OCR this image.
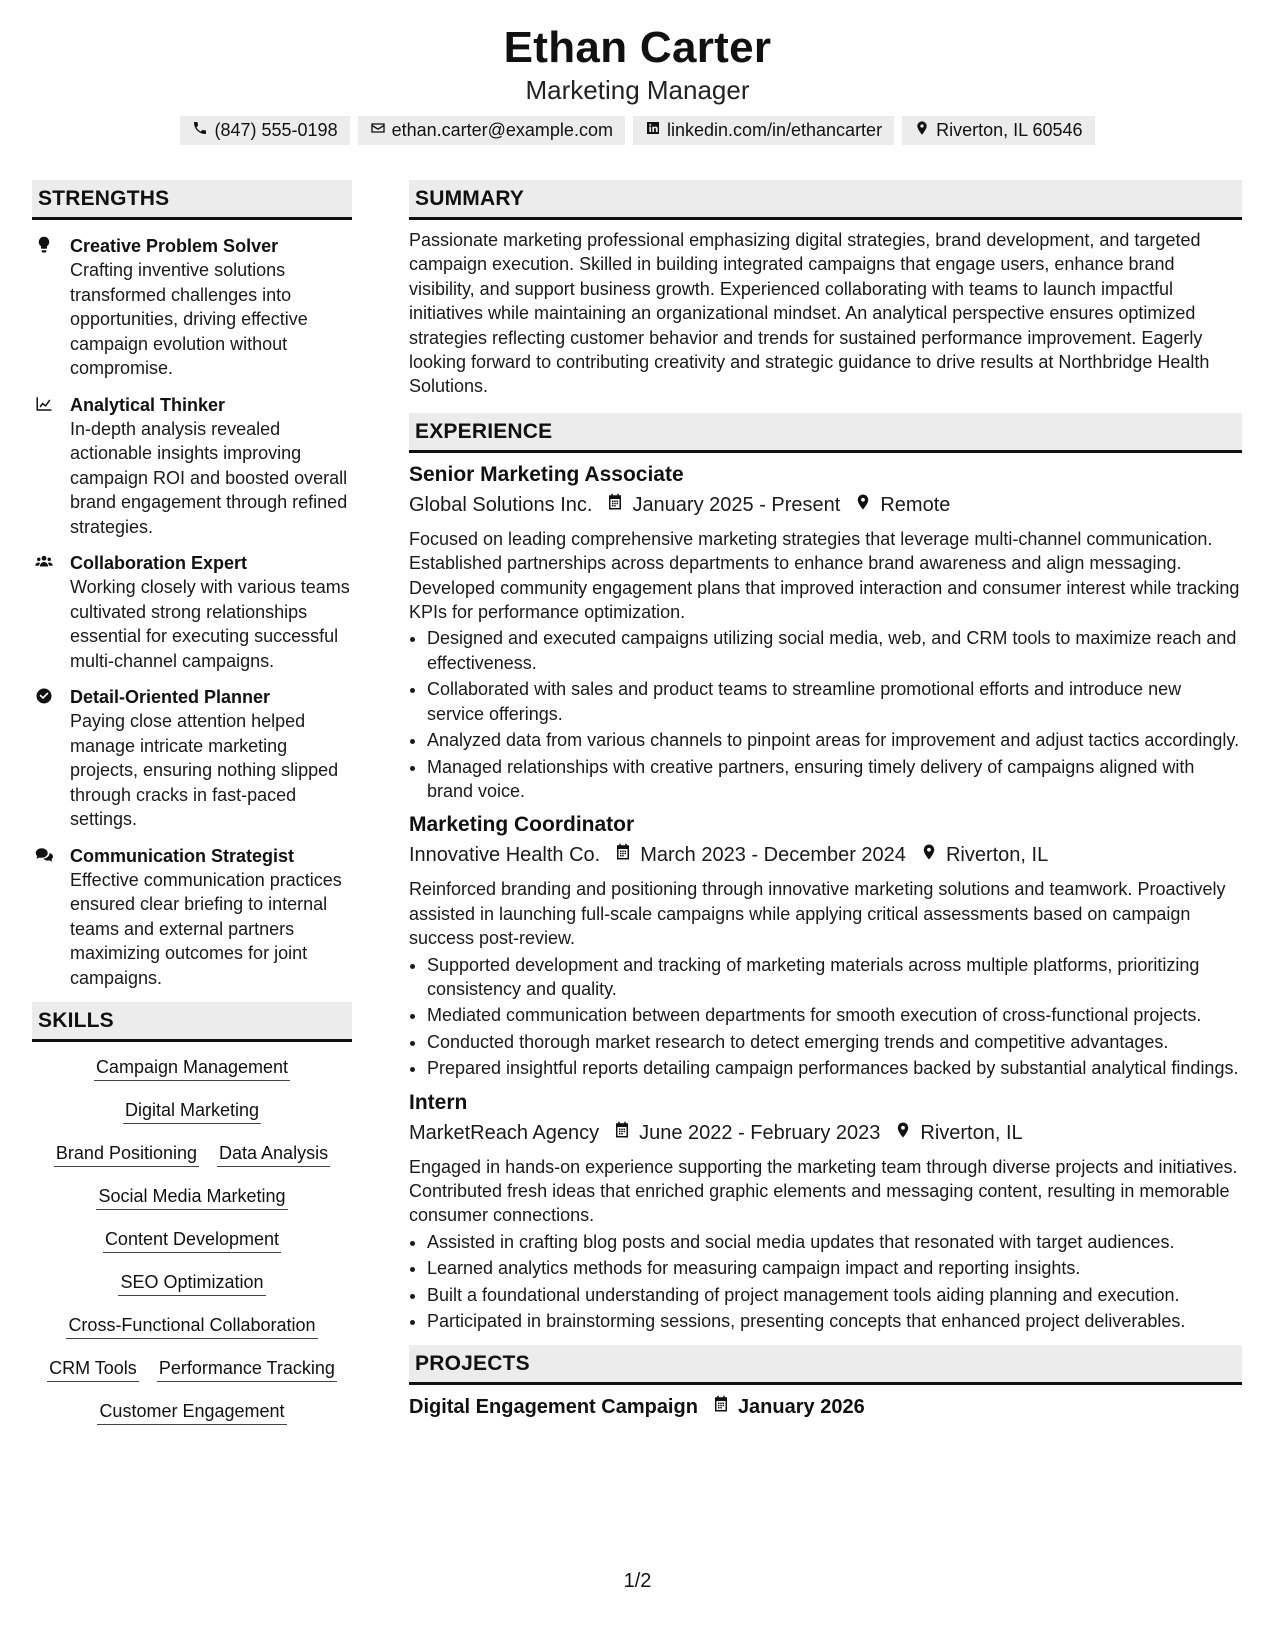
Ethan Carter

Marketing Manager

(847) 555-0198	ethan.carter@example.com	linkedin.com/in/ethancarter	Riverton, IL 60546
STRENGTHS
Creative Problem Solver
Crafting inventive solutions transformed challenges into opportunities, driving effective campaign evolution without compromise.
Analytical Thinker
In-depth analysis revealed actionable insights improving campaign ROI and boosted overall brand engagement through refined strategies.
Collaboration Expert
Working closely with various teams cultivated strong relationships essential for executing successful multi-channel campaigns.
Detail-Oriented Planner
Paying close attention helped manage intricate marketing projects, ensuring nothing slipped through cracks in fast-paced settings.
Communication Strategist
Effective communication practices ensured clear briefing to internal teams and external partners maximizing outcomes for joint campaigns.
SKILLS
Campaign Management
Digital Marketing
Brand Positioning Data Analysis
Social Media Marketing
Content Development
SEO Optimization
Cross-Functional Collaboration
CRM Tools Performance Tracking
Customer Engagement
SUMMARY

Passionate marketing professional emphasizing digital strategies, brand development, and targeted campaign execution. Skilled in building integrated campaigns that engage users, enhance brand visibility, and support business growth. Experienced collaborating with teams to launch impactful initiatives while maintaining an organizational mindset. An analytical perspective ensures optimized strategies reflecting customer behavior and trends for sustained performance improvement. Eagerly looking forward to contributing creativity and strategic guidance to drive results at Northbridge Health Solutions.

EXPERIENCE
Senior Marketing Associate
Global Solutions Inc. January 2025 - Present Remote

Focused on leading comprehensive marketing strategies that leverage multi-channel communication. Established partnerships across departments to enhance brand awareness and align messaging. Developed community engagement plans that improved interaction and consumer interest while tracking KPIs for performance optimization.

• Designed and executed campaigns utilizing social media, web, and CRM tools to maximize reach and effectiveness.
• Collaborated with sales and product teams to streamline promotional efforts and introduce new service offerings.
• Analyzed data from various channels to pinpoint areas for improvement and adjust tactics accordingly.
• Managed relationships with creative partners, ensuring timely delivery of campaigns aligned with brand voice.
Marketing Coordinator
Innovative Health Co. March 2023 - December 2024 Riverton, IL

Reinforced branding and positioning through innovative marketing solutions and teamwork. Proactively assisted in launching full-scale campaigns while applying critical assessments based on campaign success post-review.

• Supported development and tracking of marketing materials across multiple platforms, prioritizing consistency and quality.
• Mediated communication between departments for smooth execution of cross-functional projects.
• Conducted thorough market research to detect emerging trends and competitive advantages.
• Prepared insightful reports detailing campaign performances backed by substantial analytical findings.
Intern
MarketReach Agency June 2022 - February 2023 Riverton, IL

Engaged in hands-on experience supporting the marketing team through diverse projects and initiatives. Contributed fresh ideas that enriched graphic elements and messaging content, resulting in memorable consumer connections.

• Assisted in crafting blog posts and social media updates that resonated with target audiences.
• Learned analytics methods for measuring campaign impact and reporting insights.
• Built a foundational understanding of project management tools aiding planning and execution.
• Participated in brainstorming sessions, presenting concepts that enhanced project deliverables.
PROJECTS
Digital Engagement Campaign January 2026
1/2
